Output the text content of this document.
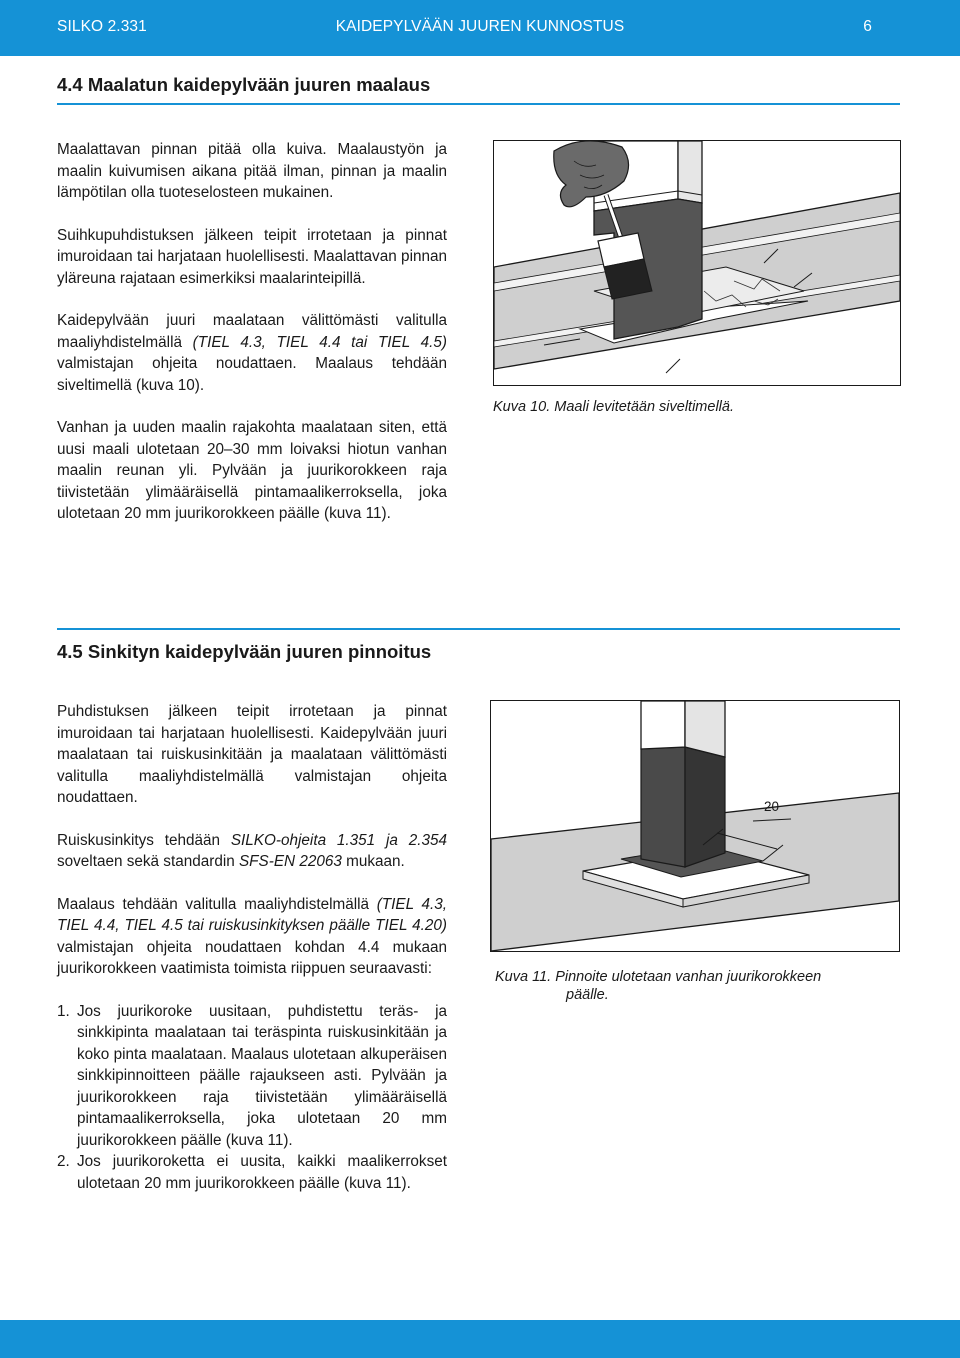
SILKO 2.331	KAIDEPYLVÄÄN JUUREN KUNNOSTUS	6
4.4 Maalatun kaidepylvään juuren maalaus

Maalattavan pinnan pitää olla kuiva. Maalaustyön ja maalin kuivumisen aikana pitää ilman, pinnan ja maalin lämpötilan olla tuoteselosteen mukainen.

Suihkupuhdistuksen jälkeen teipit irrotetaan ja pinnat imuroidaan tai harjataan huolellisesti. Maalattavan pinnan yläreuna rajataan esimerkiksi maalarinteipillä.

Kaidepylvään juuri maalataan välittömästi valitulla maaliyhdistelmällä (TIEL 4.3, TIEL 4.4 tai TIEL 4.5) valmistajan ohjeita noudattaen. Maalaus tehdään siveltimellä (kuva 10).

Vanhan ja uuden maalin rajakohta maalataan siten, että uusi maali ulotetaan 20–30 mm loivaksi hiotun vanhan maalin reunan yli. Pylvään ja juurikorokkeen raja tiivistetään ylimääräisellä pintamaalikerroksella, joka ulotetaan 20 mm juurikorokkeen päälle (kuva 11).

Kuva 10. Maali levitetään siveltimellä.
4.5 Sinkityn kaidepylvään juuren pinnoitus

Puhdistuksen jälkeen teipit irrotetaan ja pinnat imuroidaan tai harjataan huolellisesti. Kaidepylvään juuri maalataan tai ruiskusinkitään ja maalataan välittömästi valitulla maaliyhdistelmällä valmistajan ohjeita noudattaen.

Ruiskusinkitys tehdään SILKO-ohjeita 1.351 ja 2.354 soveltaen sekä standardin SFS-EN 22063 mukaan.

Maalaus tehdään valitulla maaliyhdistelmällä (TIEL 4.3, TIEL 4.4, TIEL 4.5 tai ruiskusinkityksen päälle TIEL 4.20) valmistajan ohjeita noudattaen kohdan 4.4 mukaan juurikorokkeen vaatimista toimista riippuen seuraavasti:

1. Jos juurikoroke uusitaan, puhdistettu teräs- ja sinkkipinta maalataan tai teräspinta ruiskusinkitään ja koko pinta maalataan. Maalaus ulotetaan alkuperäisen sinkkipinnoitteen päälle rajaukseen asti. Pylvään ja juurikorokkeen raja tiivistetään ylimääräisellä pintamaalikerroksella, joka ulotetaan 20 mm juurikorokkeen päälle (kuva 11).
2. Jos juurikoroketta ei uusita, kaikki maalikerrokset ulotetaan 20 mm juurikorokkeen päälle (kuva 11).
20
Kuva 11. Pinnoite ulotetaan vanhan juurikorokkeen
päälle.
